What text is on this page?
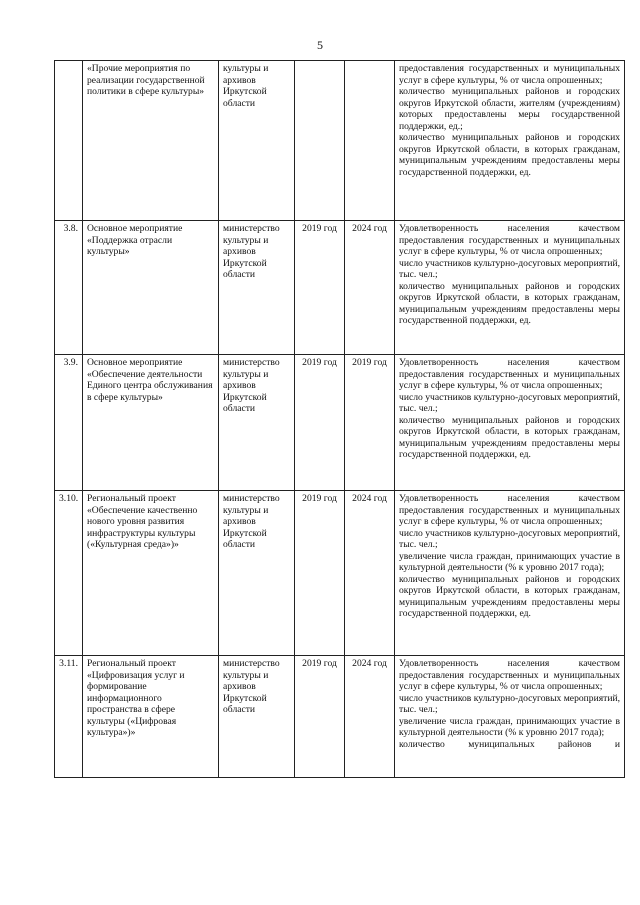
5
	«Прочие мероприятия по реализации государственной политики в сфере культуры»	культуры и архивов Иркутской области			предоставления государственных и муниципальных услуг в сфере культуры, % от числа опрошенных;
количество муниципальных районов и городских округов Иркутской области, жителям (учреждениям) которых предоставлены меры государственной поддержки, ед.;
количество муниципальных районов и городских округов Иркутской области, в которых гражданам, муниципальным учреждениям предоставлены меры государственной поддержки, ед.

3.8.	Основное мероприятие «Поддержка отрасли культуры»	министерство культуры и архивов Иркутской области	2019 год	2024 год	Удовлетворенность населения качеством предоставления государственных и муниципальных услуг в сфере культуры, % от числа опрошенных;
число участников культурно-досуговых мероприятий, тыс. чел.;
количество муниципальных районов и городских округов Иркутской области, в которых гражданам, муниципальным учреждениям предоставлены меры государственной поддержки, ед.

3.9.	Основное мероприятие «Обеспечение деятельности Единого центра обслуживания в сфере культуры»	министерство культуры и архивов Иркутской области	2019 год	2019 год	Удовлетворенность населения качеством предоставления государственных и муниципальных услуг в сфере культуры, % от числа опрошенных;
число участников культурно-досуговых мероприятий, тыс. чел.;
количество муниципальных районов и городских округов Иркутской области, в которых гражданам, муниципальным учреждениям предоставлены меры государственной поддержки, ед.

3.10.	Региональный проект «Обеспечение качественно нового уровня развития инфраструктуры культуры («Культурная среда»)»	министерство культуры и архивов Иркутской области	2019 год	2024 год	Удовлетворенность населения качеством предоставления государственных и муниципальных услуг в сфере культуры, % от числа опрошенных;
число участников культурно-досуговых мероприятий, тыс. чел.;
увеличение числа граждан, принимающих участие в культурной деятельности (% к уровню 2017 года);
количество муниципальных районов и городских округов Иркутской области, в которых гражданам, муниципальным учреждениям предоставлены меры государственной поддержки, ед.

3.11.	Региональный проект «Цифровизация услуг и формирование информационного пространства в сфере культуры («Цифровая культура»)»	министерство культуры и архивов Иркутской области	2019 год	2024 год	Удовлетворенность населения качеством предоставления государственных и муниципальных услуг в сфере культуры, % от числа опрошенных;
число участников культурно-досуговых мероприятий, тыс. чел.;
увеличение числа граждан, принимающих участие в культурной деятельности (% к уровню 2017 года);
количество муниципальных районов и
